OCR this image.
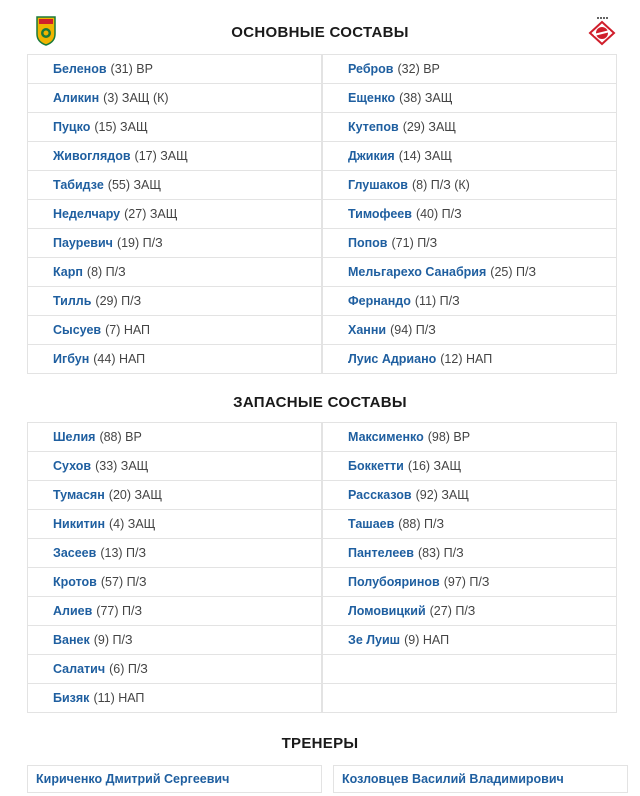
ОСНОВНЫЕ СОСТАВЫ
Беленов (31) ВР
Аликин (3) ЗАЩ (К)
Пуцко (15) ЗАЩ
Живоглядов (17) ЗАЩ
Табидзе (55) ЗАЩ
Неделчару (27) ЗАЩ
Пауревич (19) П/З
Карп (8) П/З
Тилль (29) П/З
Сысуев (7) НАП
Игбун (44) НАП
Ребров (32) ВР
Ещенко (38) ЗАЩ
Кутепов (29) ЗАЩ
Джикия (14) ЗАЩ
Глушаков (8) П/З (К)
Тимофеев (40) П/З
Попов (71) П/З
Мельгарехо Санабрия (25) П/З
Фернандо (11) П/З
Ханни (94) П/З
Луис Адриано (12) НАП
ЗАПАСНЫЕ СОСТАВЫ
Шелия (88) ВР
Сухов (33) ЗАЩ
Тумасян (20) ЗАЩ
Никитин (4) ЗАЩ
Засеев (13) П/З
Кротов (57) П/З
Алиев (77) П/З
Ванек (9) П/З
Салатич (6) П/З
Бизяк (11) НАП
Максименко (98) ВР
Боккетти (16) ЗАЩ
Рассказов (92) ЗАЩ
Ташаев (88) П/З
Пантелеев (83) П/З
Полубояринов (97) П/З
Ломовицкий (27) П/З
Зе Луиш (9) НАП
ТРЕНЕРЫ
Кириченко Дмитрий Сергеевич	Козловцев Василий Владимирович
